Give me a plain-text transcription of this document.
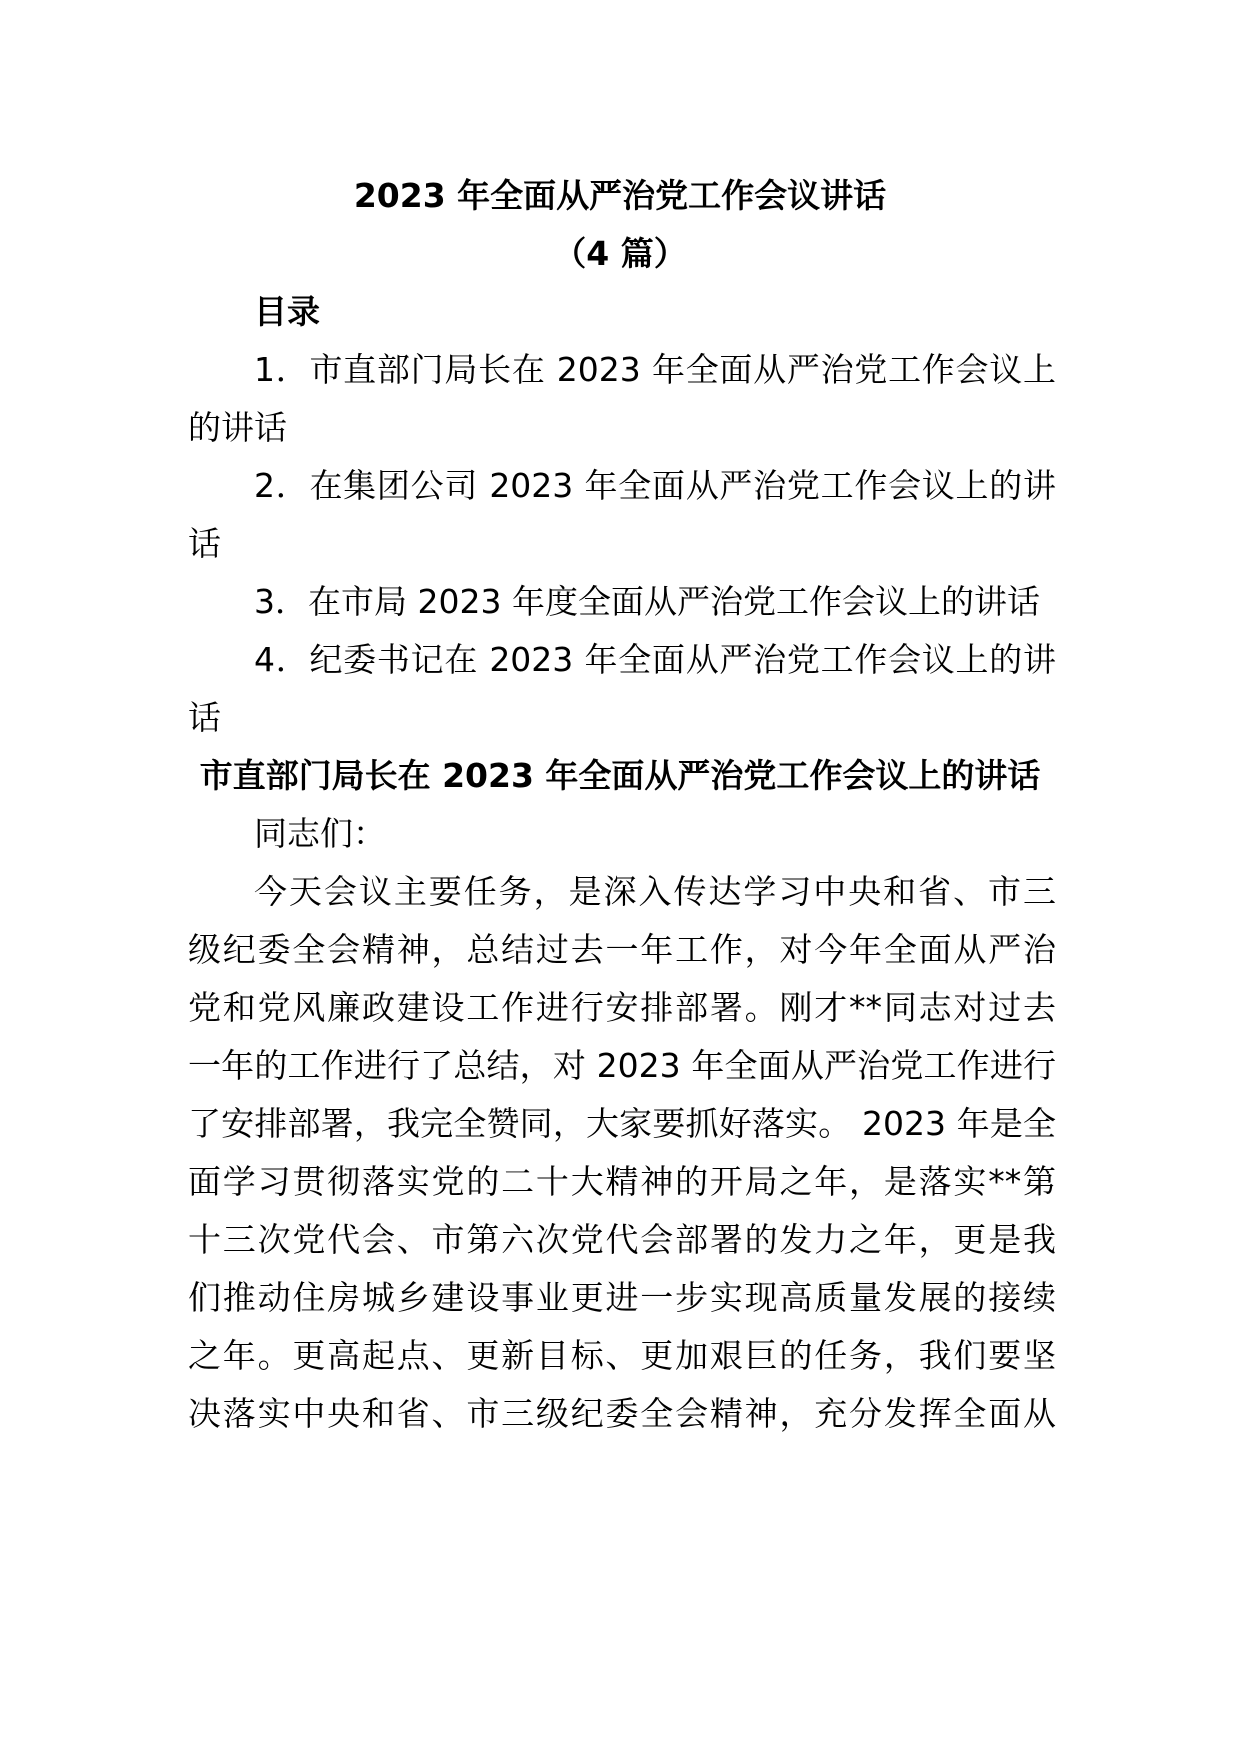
2023 年全面从严治党工作会议讲话
（4 篇）
目录
1．市直部门局长在 2023 年全面从严治党工作会议上
的讲话
2．在集团公司 2023 年全面从严治党工作会议上的讲
话
3．在市局 2023 年度全面从严治党工作会议上的讲话
4．纪委书记在 2023 年全面从严治党工作会议上的讲
话
市直部门局长在 2023 年全面从严治党工作会议上的讲话
同志们：
今天会议主要任务，是深入传达学习中央和省、市三
级纪委全会精神，总结过去一年工作，对今年全面从严治
党和党风廉政建设工作进行安排部署。刚才**同志对过去
一年的工作进行了总结，对 2023 年全面从严治党工作进行
了安排部署，我完全赞同，大家要抓好落实。 2023 年是全
面学习贯彻落实党的二十大精神的开局之年，是落实**第
十三次党代会、市第六次党代会部署的发力之年，更是我
们推动住房城乡建设事业更进一步实现高质量发展的接续
之年。更高起点、更新目标、更加艰巨的任务，我们要坚
决落实中央和省、市三级纪委全会精神，充分发挥全面从
